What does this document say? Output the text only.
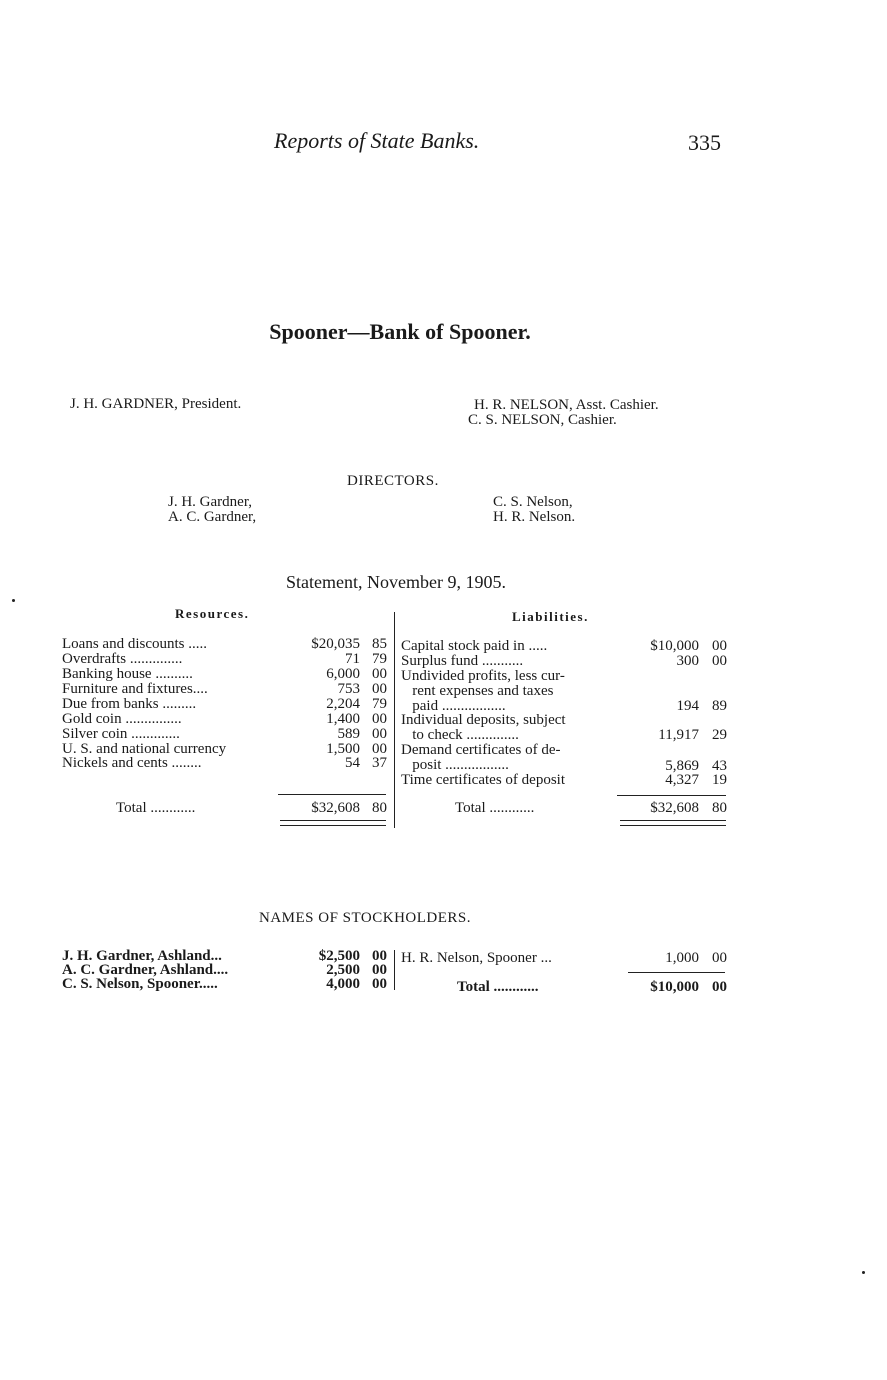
Reports of State Banks.	335
Spooner—Bank of Spooner.
J. H. GARDNER, President.	H. R. NELSON, Asst. Cashier.
C. S. NELSON, Cashier.
DIRECTORS.
J. H. Gardner,
A. C. Gardner,
C. S. Nelson,
H. R. Nelson.
Statement, November 9, 1905.
Resources.	Liabilities.
Loans and discounts .....	$20,035 85
Overdrafts ..............	71 79
Banking house ..........	6,000 00
Furniture and fixtures....	753 00
Due from banks .........	2,204 79
Gold coin ...............	1,400 00
Silver coin .............	589 00
U. S. and national currency	1,500 00
Nickels and cents ........	54 37
Total ............	$32,608 80
Capital stock paid in .....	$10,000 00
Surplus fund ...........	300 00
Undivided profits, less cur-
rent expenses and taxes
paid .................	194 89
Individual deposits, subject
to check ..............	11,917 29
Demand certificates of de-
posit .................	5,869 43
Time certificates of deposit	4,327 19
Total ............	$32,608 80
NAMES OF STOCKHOLDERS.
J. H. Gardner, Ashland...	$2,500 00
A. C. Gardner, Ashland....	2,500 00
C. S. Nelson, Spooner.....	4,000 00
H. R. Nelson, Spooner ...	1,000 00
Total ............	$10,000 00
